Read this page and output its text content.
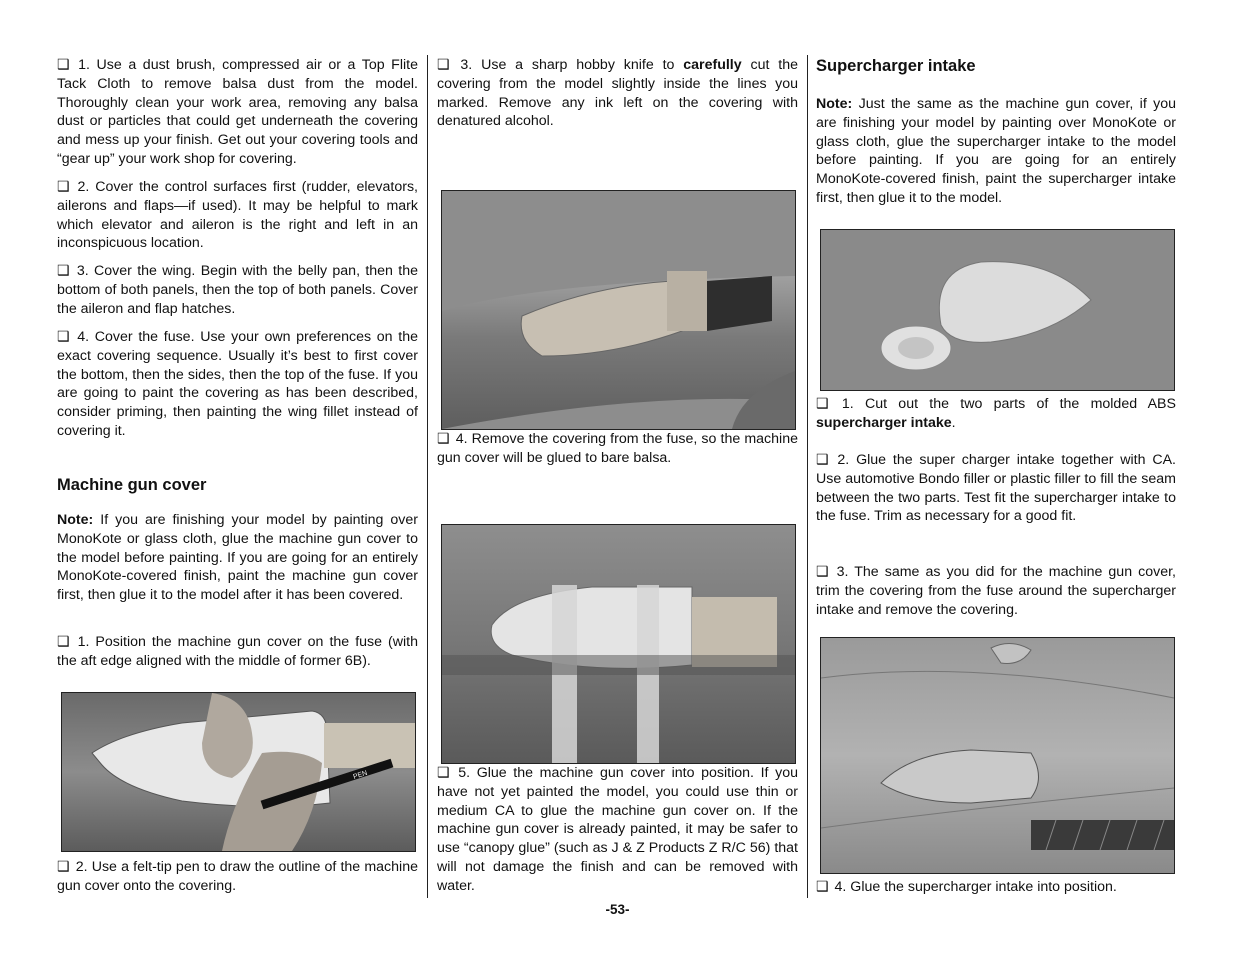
❑ 1. Use a dust brush, compressed air or a Top Flite Tack Cloth to remove balsa dust from the model. Thoroughly clean your work area, removing any balsa dust or particles that could get underneath the covering and mess up your finish. Get out your covering tools and “gear up” your work shop for covering.

❑ 2. Cover the control surfaces first (rudder, elevators, ailerons and flaps—if used). It may be helpful to mark which elevator and aileron is the right and left in an inconspicuous location.

❑ 3. Cover the wing. Begin with the belly pan, then the bottom of both panels, then the top of both panels. Cover the aileron and flap hatches.

❑ 4. Cover the fuse. Use your own preferences on the exact covering sequence. Usually it’s best to first cover the bottom, then the sides, then the top of the fuse. If you are going to paint the covering as has been described, consider priming, then painting the wing fillet instead of covering it.

Machine gun cover

Note: If you are finishing your model by painting over MonoKote or glass cloth, glue the machine gun cover to the model before painting. If you are going for an entirely MonoKote-covered finish, paint the machine gun cover first, then glue it to the model after it has been covered.

❑ 1. Position the machine gun cover on the fuse (with the aft edge aligned with the middle of former 6B).

❑ 2. Use a felt-tip pen to draw the outline of the machine gun cover onto the covering.

PEN

❑ 3. Use a sharp hobby knife to carefully cut the covering from the model slightly inside the lines you marked. Remove any ink left on the covering with denatured alcohol.

❑ 4. Remove the covering from the fuse, so the machine gun cover will be glued to bare balsa.

❑ 5. Glue the machine gun cover into position. If you have not yet painted the model, you could use thin or medium CA to glue the machine gun cover on. If the machine gun cover is already painted, it may be safer to use “canopy glue” (such as J & Z Products Z R/C 56) that will not damage the finish and can be removed with water.

Supercharger intake

Note: Just the same as the machine gun cover, if you are finishing your model by painting over MonoKote or glass cloth, glue the supercharger intake to the model before painting. If you are going for an entirely MonoKote-covered finish, paint the supercharger intake first, then glue it to the model.

❑ 1. Cut out the two parts of the molded ABS supercharger intake.

❑ 2. Glue the super charger intake together with CA. Use automotive Bondo filler or plastic filler to fill the seam between the two parts. Test fit the supercharger intake to the fuse. Trim as necessary for a good fit.

❑ 3. The same as you did for the machine gun cover, trim the covering from the fuse around the supercharger intake and remove the covering.

❑ 4. Glue the supercharger intake into position.

-53-
